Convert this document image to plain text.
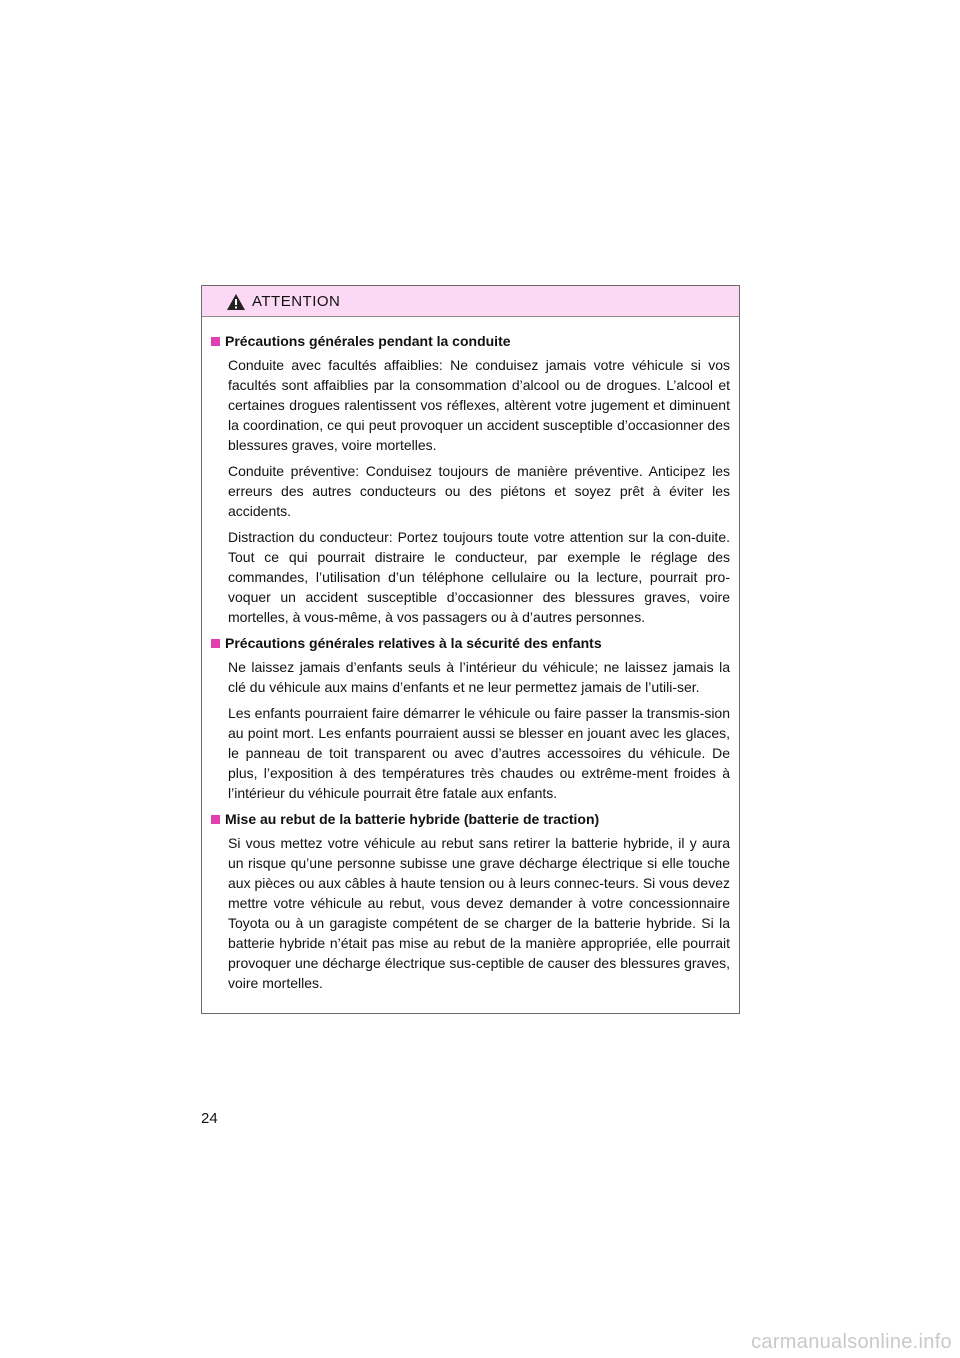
ATTENTION
Précautions générales pendant la conduite

Conduite avec facultés affaiblies: Ne conduisez jamais votre véhicule si vos facultés sont affaiblies par la consommation d’alcool ou de drogues. L’alcool et certaines drogues ralentissent vos réflexes, altèrent votre jugement et diminuent la coordination, ce qui peut provoquer un accident susceptible d’occasionner des blessures graves, voire mortelles.

Conduite préventive: Conduisez toujours de manière préventive. Anticipez les erreurs des autres conducteurs ou des piétons et soyez prêt à éviter les accidents.

Distraction du conducteur: Portez toujours toute votre attention sur la con-duite. Tout ce qui pourrait distraire le conducteur, par exemple le réglage des commandes, l’utilisation d’un téléphone cellulaire ou la lecture, pourrait pro-voquer un accident susceptible d’occasionner des blessures graves, voire mortelles, à vous-même, à vos passagers ou à d’autres personnes.

Précautions générales relatives à la sécurité des enfants

Ne laissez jamais d’enfants seuls à l’intérieur du véhicule; ne laissez jamais la clé du véhicule aux mains d’enfants et ne leur permettez jamais de l’utili-ser.

Les enfants pourraient faire démarrer le véhicule ou faire passer la transmis-sion au point mort. Les enfants pourraient aussi se blesser en jouant avec les glaces, le panneau de toit transparent ou avec d’autres accessoires du véhicule. De plus, l’exposition à des températures très chaudes ou extrême-ment froides à l’intérieur du véhicule pourrait être fatale aux enfants.

Mise au rebut de la batterie hybride (batterie de traction)

Si vous mettez votre véhicule au rebut sans retirer la batterie hybride, il y aura un risque qu’une personne subisse une grave décharge électrique si elle touche aux pièces ou aux câbles à haute tension ou à leurs connec-teurs. Si vous devez mettre votre véhicule au rebut, vous devez demander à votre concessionnaire Toyota ou à un garagiste compétent de se charger de la batterie hybride. Si la batterie hybride n’était pas mise au rebut de la manière appropriée, elle pourrait provoquer une décharge électrique sus-ceptible de causer des blessures graves, voire mortelles.

24
carmanualsonline.info
